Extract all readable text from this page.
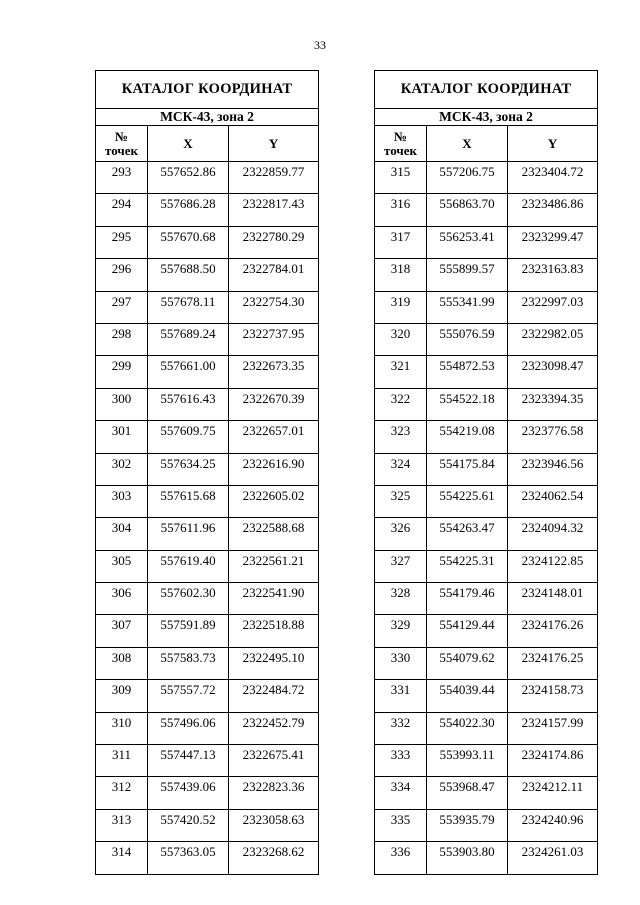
33
КАТАЛОГ КООРДИНАТ		
МСК-43, зона 2		
№
точек	X	Y
293	557652.86	2322859.77
294	557686.28	2322817.43
295	557670.68	2322780.29
296	557688.50	2322784.01
297	557678.11	2322754.30
298	557689.24	2322737.95
299	557661.00	2322673.35
300	557616.43	2322670.39
301	557609.75	2322657.01
302	557634.25	2322616.90
303	557615.68	2322605.02
304	557611.96	2322588.68
305	557619.40	2322561.21
306	557602.30	2322541.90
307	557591.89	2322518.88
308	557583.73	2322495.10
309	557557.72	2322484.72
310	557496.06	2322452.79
311	557447.13	2322675.41
312	557439.06	2322823.36
313	557420.52	2323058.63
314	557363.05	2323268.62
КАТАЛОГ КООРДИНАТ		
МСК-43, зона 2		
№
точек	X	Y
315	557206.75	2323404.72
316	556863.70	2323486.86
317	556253.41	2323299.47
318	555899.57	2323163.83
319	555341.99	2322997.03
320	555076.59	2322982.05
321	554872.53	2323098.47
322	554522.18	2323394.35
323	554219.08	2323776.58
324	554175.84	2323946.56
325	554225.61	2324062.54
326	554263.47	2324094.32
327	554225.31	2324122.85
328	554179.46	2324148.01
329	554129.44	2324176.26
330	554079.62	2324176.25
331	554039.44	2324158.73
332	554022.30	2324157.99
333	553993.11	2324174.86
334	553968.47	2324212.11
335	553935.79	2324240.96
336	553903.80	2324261.03
